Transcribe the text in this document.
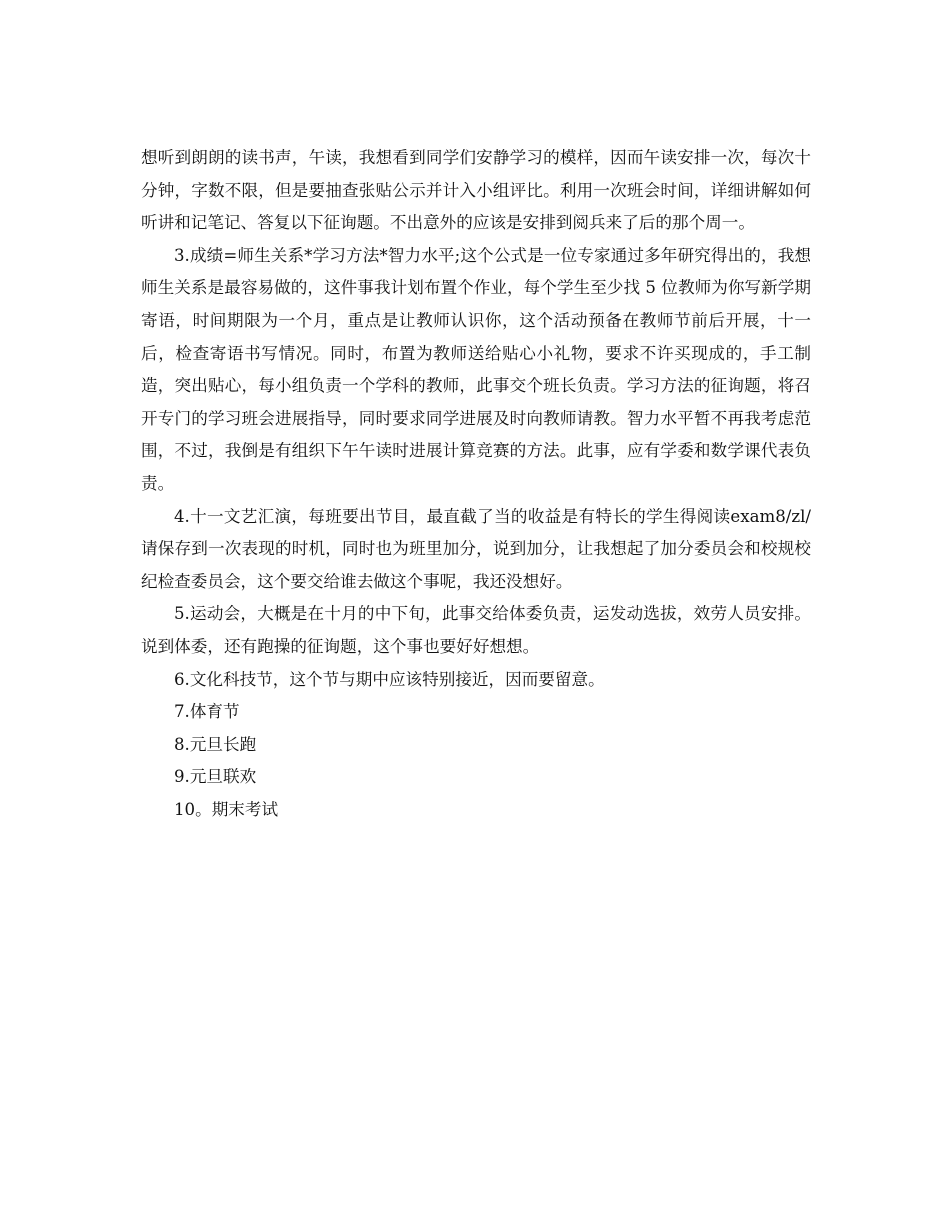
想听到朗朗的读书声，午读，我想看到同学们安静学习的模样，因而午读安排一次，每次十分钟，字数不限，但是要抽查张贴公示并计入小组评比。利用一次班会时间，详细讲解如何听讲和记笔记、答复以下征询题。不出意外的应该是安排到阅兵来了后的那个周一。

3.成绩=师生关系*学习方法*智力水平;这个公式是一位专家通过多年研究得出的，我想师生关系是最容易做的，这件事我计划布置个作业，每个学生至少找 5 位教师为你写新学期寄语，时间期限为一个月，重点是让教师认识你，这个活动预备在教师节前后开展，十一后，检查寄语书写情况。同时，布置为教师送给贴心小礼物，要求不许买现成的，手工制造，突出贴心，每小组负责一个学科的教师，此事交个班长负责。学习方法的征询题，将召开专门的学习班会进展指导，同时要求同学进展及时向教师请教。智力水平暂不再我考虑范围，不过，我倒是有组织下午午读时进展计算竞赛的方法。此事，应有学委和数学课代表负责。

4.十一文艺汇演，每班要出节目，最直截了当的收益是有特长的学生得阅读exam8/zl/请保存到一次表现的时机，同时也为班里加分，说到加分，让我想起了加分委员会和校规校纪检查委员会，这个要交给谁去做这个事呢，我还没想好。

5.运动会，大概是在十月的中下旬，此事交给体委负责，运发动选拔，效劳人员安排。说到体委，还有跑操的征询题，这个事也要好好想想。

6.文化科技节，这个节与期中应该特别接近，因而要留意。

7.体育节

8.元旦长跑

9.元旦联欢

10。期末考试
